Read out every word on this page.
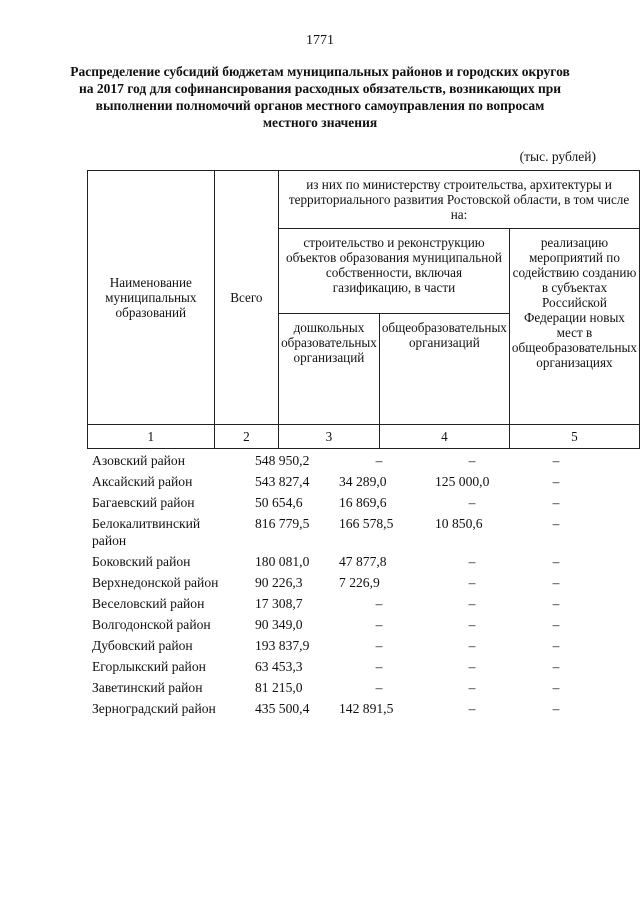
1771
Распределение субсидий бюджетам муниципальных районов и городских округов на 2017 год для софинансирования расходных обязательств, возникающих при выполнении полномочий органов местного самоуправления по вопросам местного значения
(тыс. рублей)
Наименование муниципальных образований	Всего	из них по министерству строительства, архитектуры и территориального развития Ростовской области, в том числе на:		
		строительство и реконструкцию объектов образования муниципальной собственности, включая газификацию, в части		реализацию мероприятий по содействию созданию в субъектах Российской Федерации новых мест в общеобразовательных организациях
		дошкольных образовательных организаций	общеобразовательных организаций	
1	2	3	4	5
Азовский район	548 950,2	–	–	–
Аксайский район	543 827,4	34 289,0	125 000,0	–
Багаевский район	50 654,6	16 869,6	–	–
Белокалитвинский район	816 779,5	166 578,5	10 850,6	–
Боковский район	180 081,0	47 877,8	–	–
Верхнедонской район	90 226,3	7 226,9	–	–
Веселовский район	17 308,7	–	–	–
Волгодонской район	90 349,0	–	–	–
Дубовский район	193 837,9	–	–	–
Егорлыкский район	63 453,3	–	–	–
Заветинский район	81 215,0	–	–	–
Зерноградский район	435 500,4	142 891,5	–	–
